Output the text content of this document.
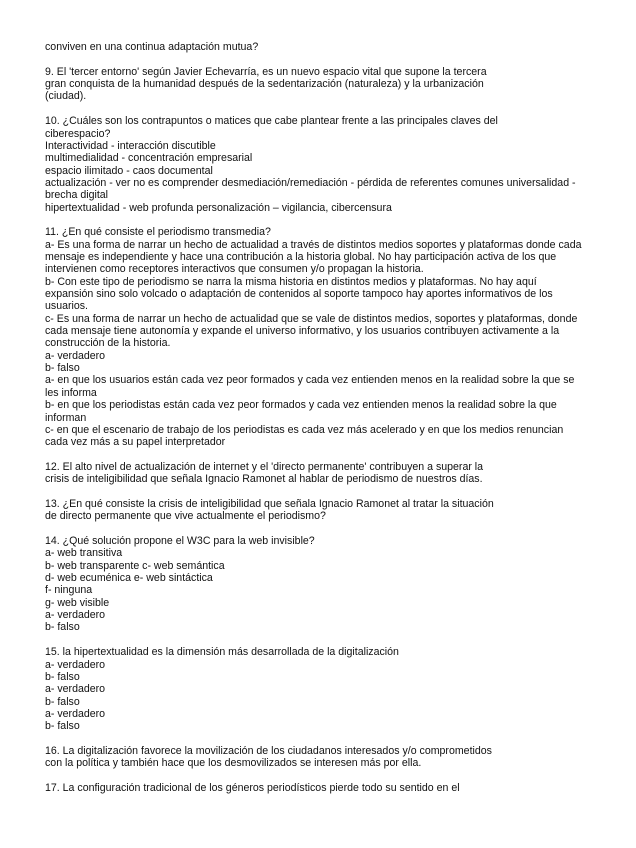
conviven en una continua adaptación mutua?
9. El 'tercer entorno' según Javier Echevarría, es un nuevo espacio vital que supone la tercera
gran conquista de la humanidad después de la sedentarización (naturaleza) y la urbanización
(ciudad).
10. ¿Cuáles son los contrapuntos o matices que cabe plantear frente a las principales claves del
ciberespacio?
Interactividad - interacción discutible
multimedialidad - concentración empresarial
espacio ilimitado - caos documental
actualización - ver no es comprender desmediación/remediación - pérdida de referentes comunes universalidad -
brecha digital
hipertextualidad - web profunda personalización – vigilancia, cibercensura
11. ¿En qué consiste el periodismo transmedia?
a- Es una forma de narrar un hecho de actualidad a través de distintos medios soportes y plataformas donde cada
mensaje es independiente y hace una contribución a la historia global. No hay participación activa de los que
intervienen como receptores interactivos que consumen y/o propagan la historia.
b- Con este tipo de periodismo se narra la misma historia en distintos medios y plataformas. No hay aquí
expansión sino solo volcado o adaptación de contenidos al soporte tampoco hay aportes informativos de los
usuarios.
c- Es una forma de narrar un hecho de actualidad que se vale de distintos medios, soportes y plataformas, donde
cada mensaje tiene autonomía y expande el universo informativo, y los usuarios contribuyen activamente a la
construcción de la historia.
a- verdadero
b- falso
a- en que los usuarios están cada vez peor formados y cada vez entienden menos en la realidad sobre la que se
les informa
b- en que los periodistas están cada vez peor formados y cada vez entienden menos la realidad sobre la que
informan
c- en que el escenario de trabajo de los periodistas es cada vez más acelerado y en que los medios renuncian
cada vez más a su papel interpretador
12. El alto nivel de actualización de internet y el 'directo permanente' contribuyen a superar la
crisis de inteligibilidad que señala Ignacio Ramonet al hablar de periodismo de nuestros días.
13. ¿En qué consiste la crisis de inteligibilidad que señala Ignacio Ramonet al tratar la situación
de directo permanente que vive actualmente el periodismo?
14. ¿Qué solución propone el W3C para la web invisible?
a- web transitiva
b- web transparente c- web semántica
d- web ecuménica e- web sintáctica
f- ninguna
g- web visible
a- verdadero
b- falso
15. la hipertextualidad es la dimensión más desarrollada de la digitalización
a- verdadero
b- falso
a- verdadero
b- falso
a- verdadero
b- falso
16. La digitalización favorece la movilización de los ciudadanos interesados y/o comprometidos
con la política y también hace que los desmovilizados se interesen más por ella.
17. La configuración tradicional de los géneros periodísticos pierde todo su sentido en el
